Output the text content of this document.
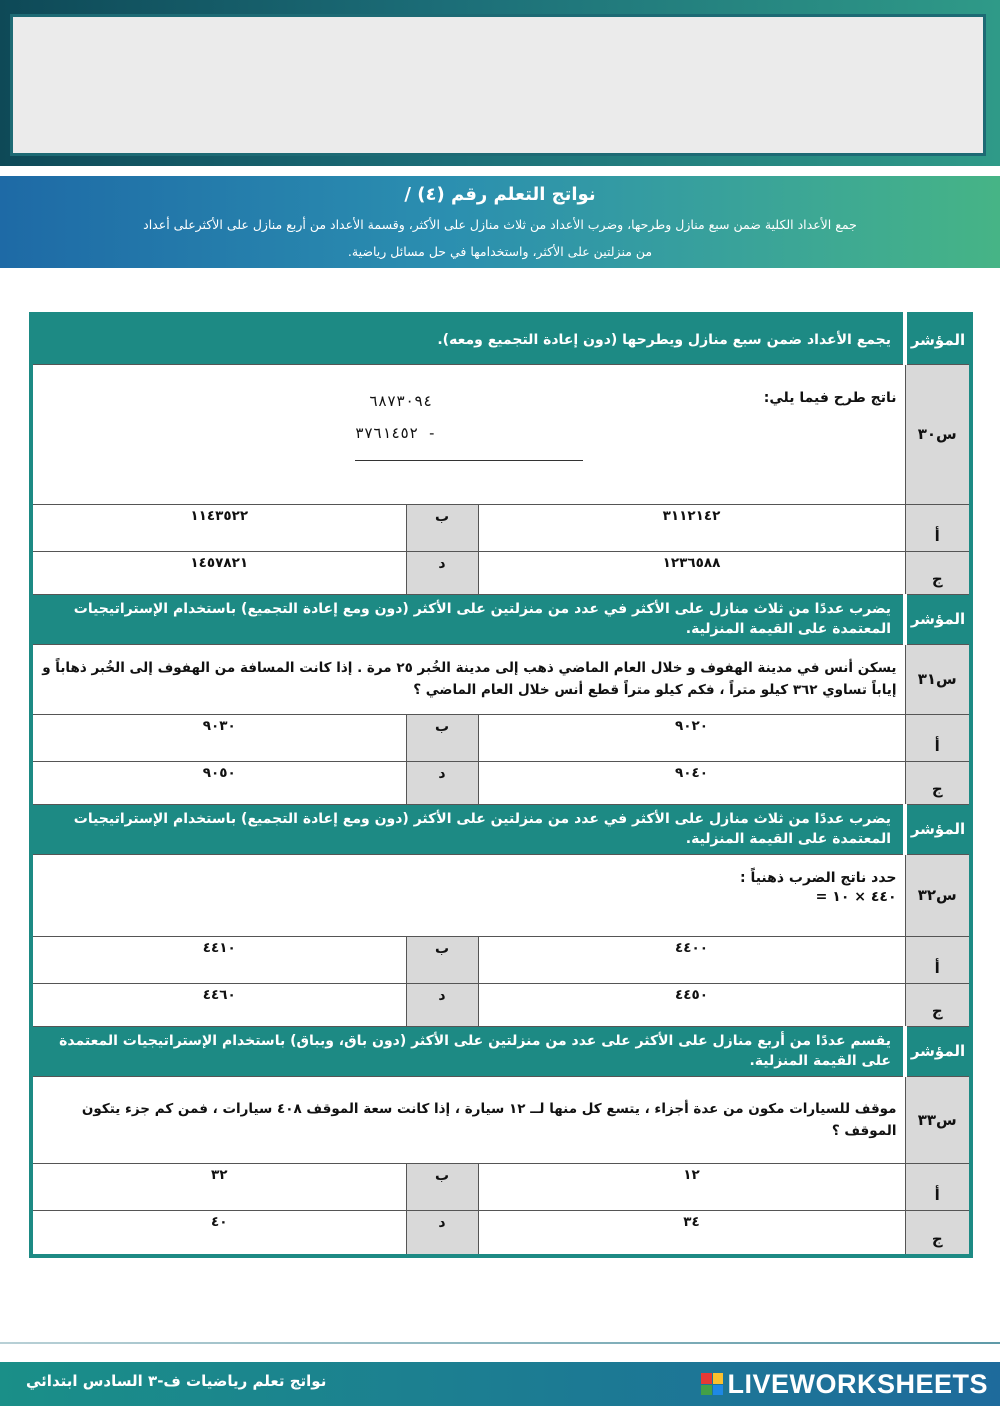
نواتج التعلم رقم (٤) /
جمع الأعداد الكلية ضمن سبع منازل وطرحها، وضرب الأعداد من ثلاث منازل على الأكثر، وقسمة الأعداد من أربع منازل على الأكثرعلى أعداد
من منزلتين على الأكثر، واستخدامها في حل مسائل رياضية.
المؤشر	يجمع الأعداد ضمن سبع منازل ويطرحها (دون إعادة التجميع ومعه).		
س٣٠	ناتج طرح فيما يلي:
٦٨٧٣٠٩٤
٣٧٦١٤٥٢ -		

أ	٣١١٢١٤٢	ب	١١٤٣٥٢٢
ج	١٢٣٦٥٨٨	د	١٤٥٧٨٢١
المؤشر	يضرب عددًا من ثلاث منازل على الأكثر في عدد من منزلتين على الأكثر (دون ومع إعادة التجميع) باستخدام الإستراتيجيات المعتمدة على القيمة المنزلية.		
س٣١	يسكن أنس في مدينة الهفوف و خلال العام الماضي ذهب إلى مدينة الخُبر ٢٥ مرة . إذا كانت المسافة من الهفوف إلى الخُبر ذهاباً و إياباً تساوي ٣٦٢ كيلو متراً ، فكم كيلو متراً قطع أنس خلال العام الماضي ؟		
أ	٩٠٢٠	ب	٩٠٣٠
ج	٩٠٤٠	د	٩٠٥٠
المؤشر	يضرب عددًا من ثلاث منازل على الأكثر في عدد من منزلتين على الأكثر (دون ومع إعادة التجميع) باستخدام الإستراتيجيات المعتمدة على القيمة المنزلية.		
س٣٢	حدد ناتج الضرب ذهنياً :
٤٤٠ × ١٠ =		

أ	٤٤٠٠	ب	٤٤١٠
ج	٤٤٥٠	د	٤٤٦٠
المؤشر	يقسم عددًا من أربع منازل على الأكثر على عدد من منزلتين على الأكثر (دون باق، وبباق) باستخدام الإستراتيجيات المعتمدة على القيمة المنزلية.		
س٣٣	موقف للسيارات مكون من عدة أجزاء ، يتسع كل منها لــ ١٢ سيارة ، إذا كانت سعة الموقف ٤٠٨ سيارات ، فمن كم جزء يتكون الموقف ؟		
أ	١٢	ب	٣٢
ج	٣٤	د	٤٠
نواتج تعلم رياضيات ف-٣ السادس ابتدائي	LIVEWORKSHEETS
